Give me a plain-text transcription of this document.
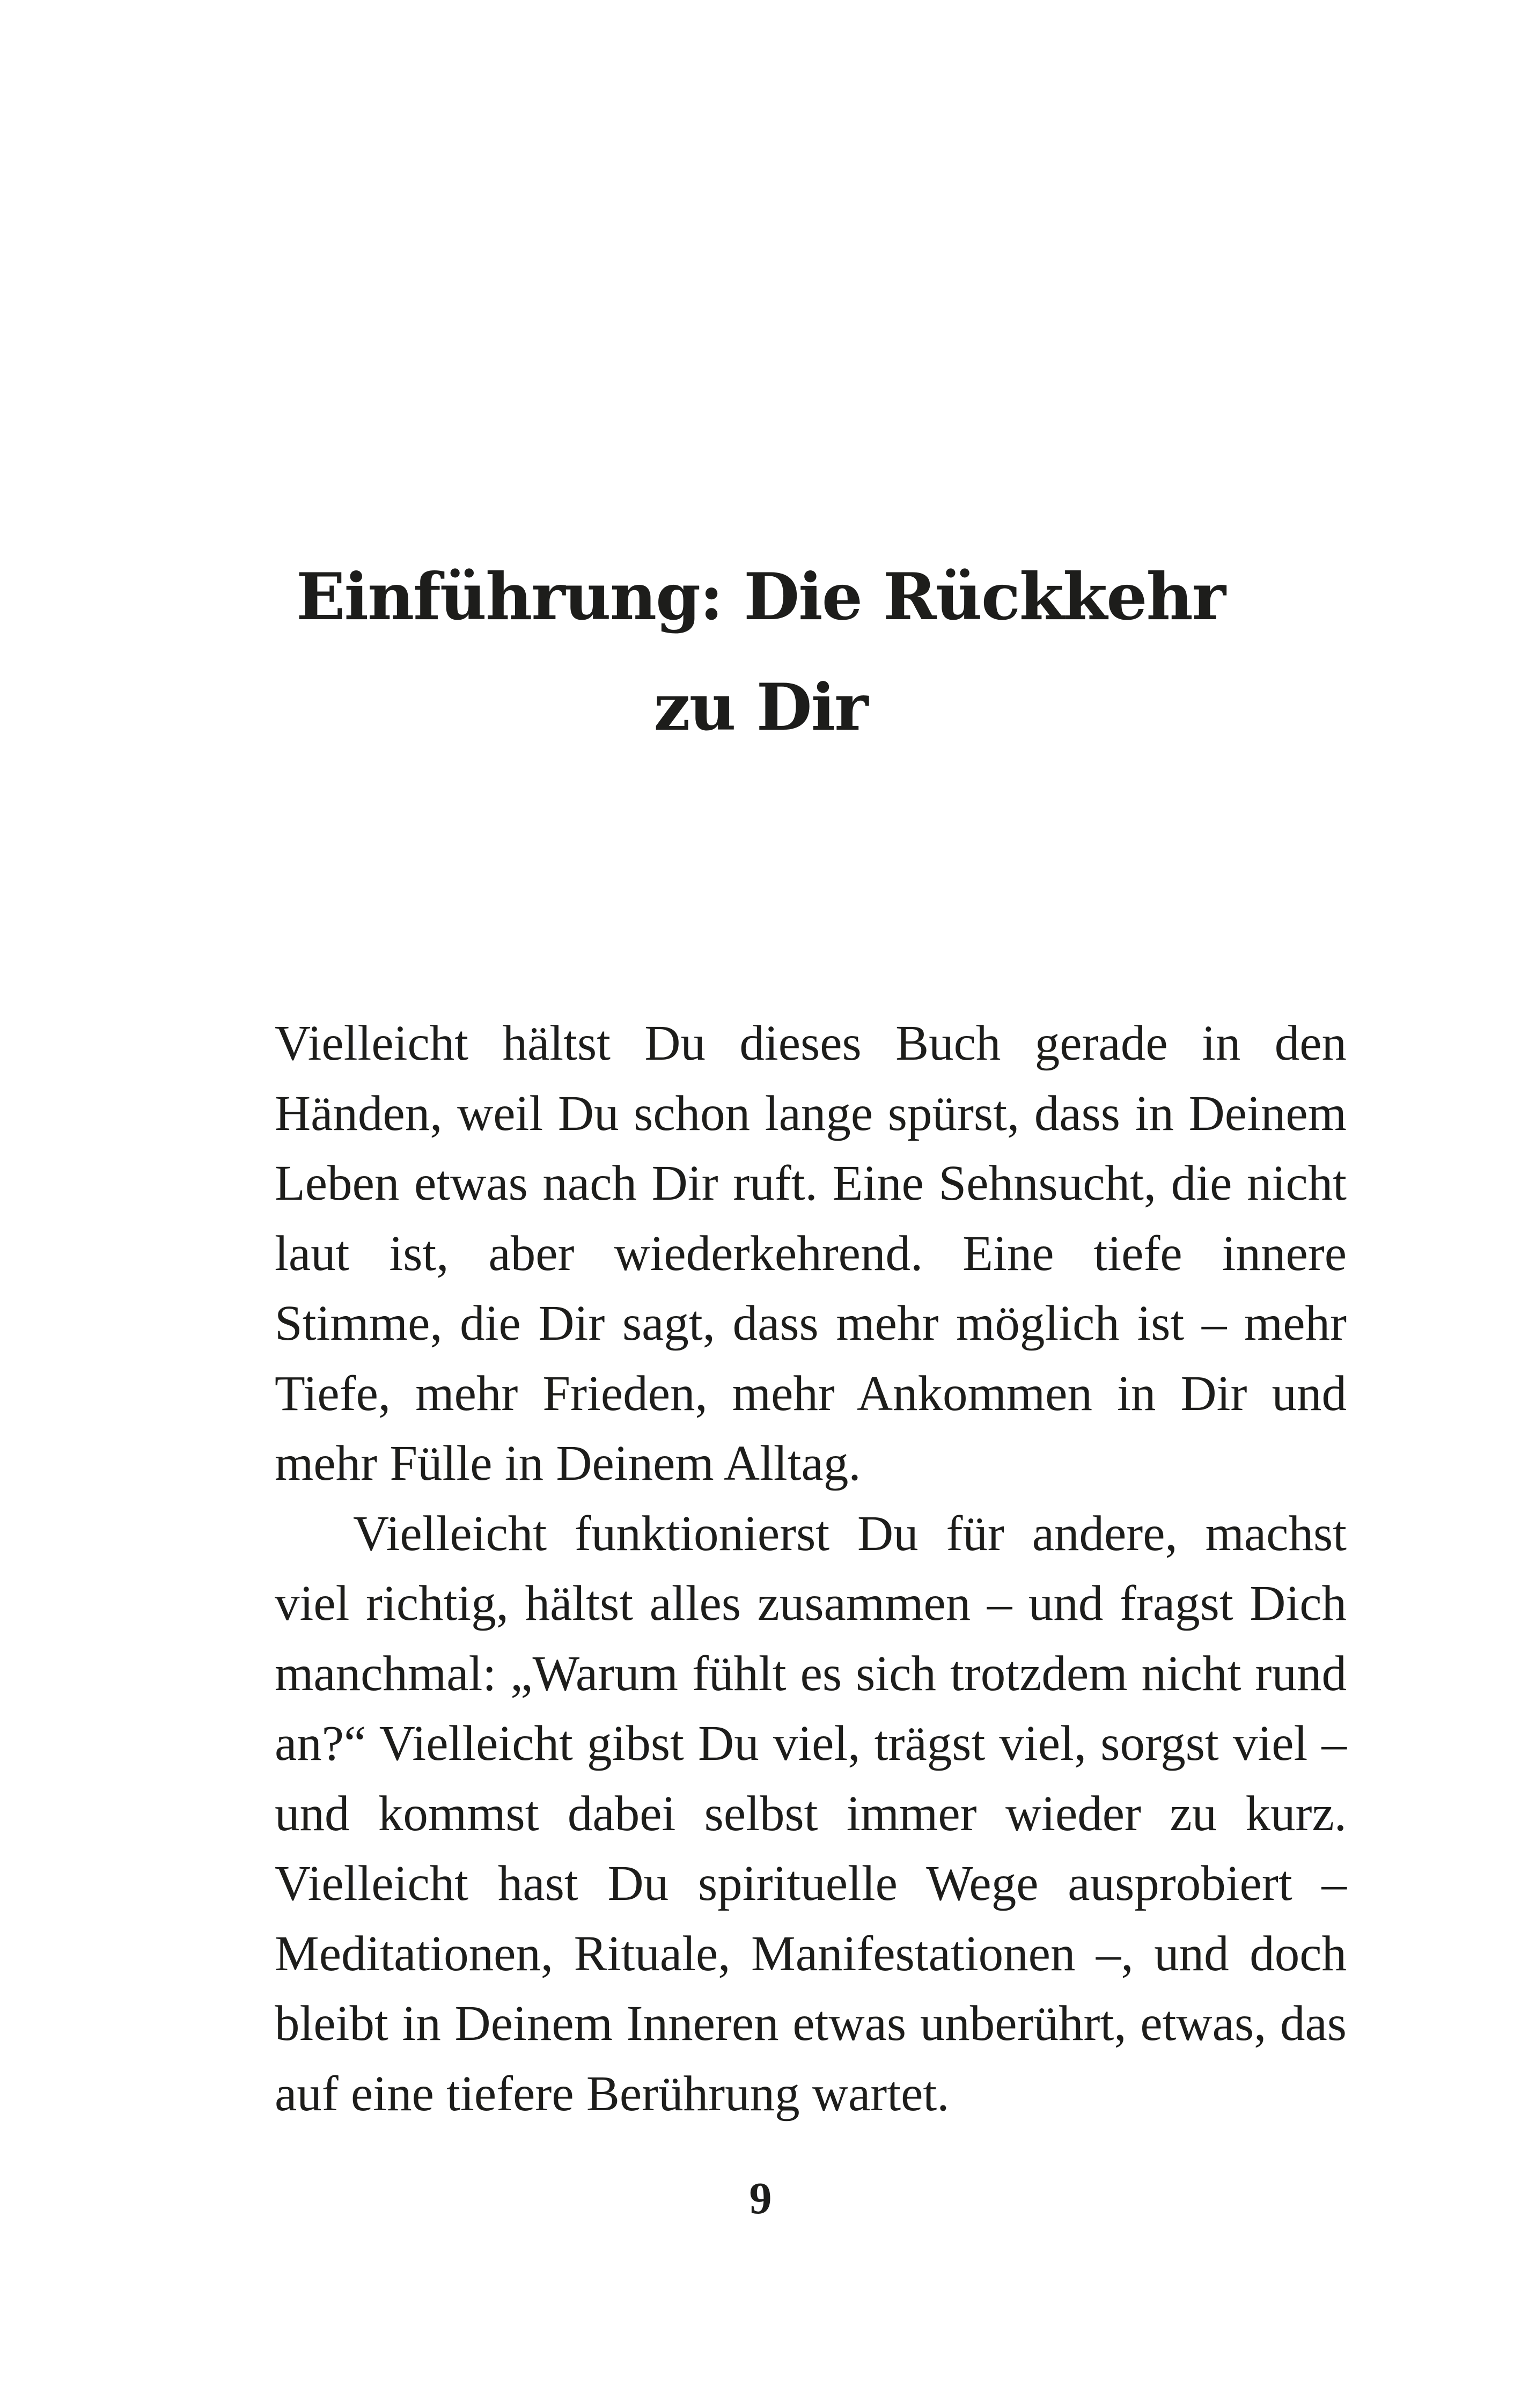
Einführung: Die Rückkehr
zu Dir

Vielleicht hältst Du dieses Buch gerade in den Händen, weil Du schon lange spürst, dass in Deinem Leben etwas nach Dir ruft. Eine Sehnsucht, die nicht laut ist, aber wiederkehrend. Eine tiefe innere Stimme, die Dir sagt, dass mehr möglich ist – mehr Tiefe, mehr Frieden, mehr Ankommen in Dir und mehr Fülle in Deinem Alltag.

Vielleicht funktionierst Du für andere, machst viel richtig, hältst alles zusammen – und fragst Dich manchmal: „Warum fühlt es sich trotzdem nicht rund an?“ Vielleicht gibst Du viel, trägst viel, sorgst viel – und kommst dabei selbst immer wieder zu kurz. Vielleicht hast Du spirituelle Wege ausprobiert – Meditationen, Rituale, Manifestationen –, und doch bleibt in Deinem Inneren etwas unberührt, etwas, das auf eine tiefere Berührung wartet.

9
